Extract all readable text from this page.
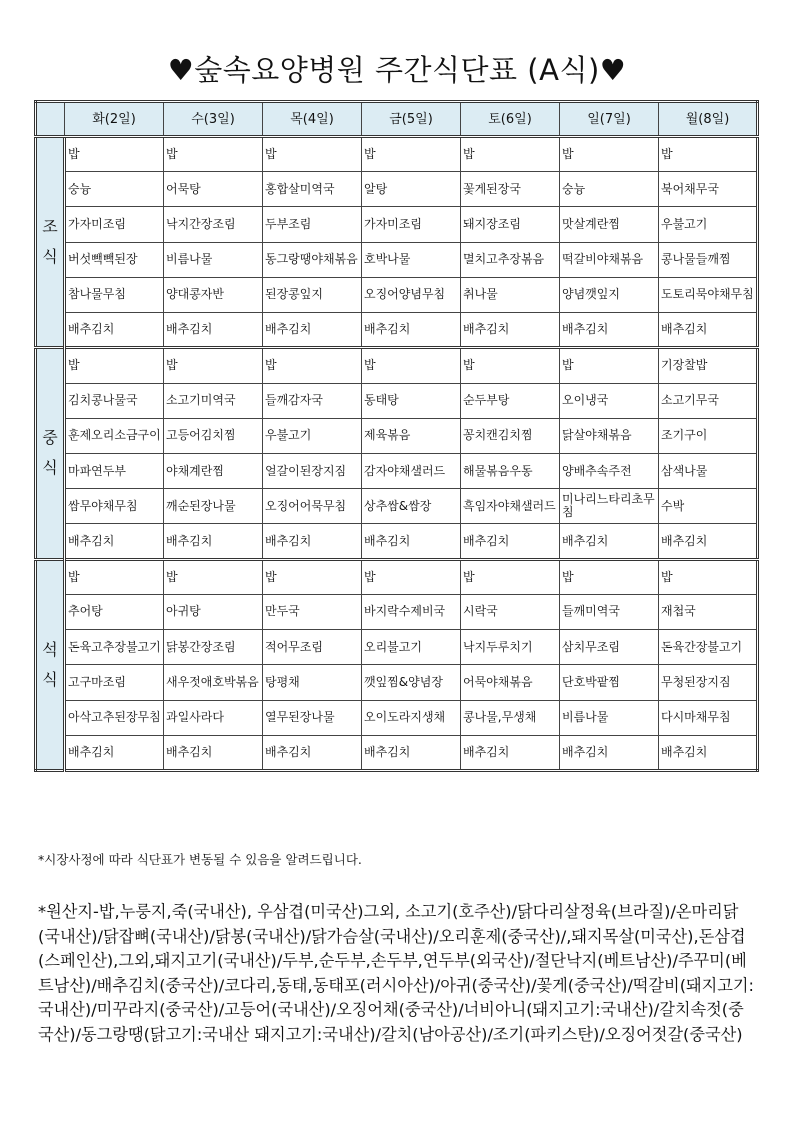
♥숲속요양병원 주간식단표 (A식)♥
	화(2일)	수(3일)	목(4일)	금(5일)	토(6일)	일(7일)	월(8일)
조
식	밥	밥	밥	밥	밥	밥	밥
	숭늉	어묵탕	홍합살미역국	알탕	꽃게된장국	숭늉	북어채무국
	가자미조림	낙지간장조림	두부조림	가자미조림	돼지장조림	맛살계란찜	우불고기
	버섯빽빽된장	비름나물	동그랑땡야채볶음	호박나물	멸치고추장볶음	떡갈비야채볶음	콩나물들깨찜
	참나물무침	양대콩자반	된장콩잎지	오징어양념무침	취나물	양념깻잎지	도토리묵야채무침
	배추김치	배추김치	배추김치	배추김치	배추김치	배추김치	배추김치
중
식	밥	밥	밥	밥	밥	밥	기장찰밥
	김치콩나물국	소고기미역국	들깨감자국	동태탕	순두부탕	오이냉국	소고기무국
	훈제오리소금구이	고등어김치찜	우불고기	제육볶음	꽁치캔김치찜	닭살야채볶음	조기구이
	마파연두부	야채계란찜	얼갈이된장지짐	감자야채샐러드	해물볶음우동	양배추속주전	삼색나물
	쌈무야채무침	깨순된장나물	오징어어묵무침	상추쌈&쌈장	흑임자야채샐러드	미나리느타리초무침	수박
	배추김치	배추김치	배추김치	배추김치	배추김치	배추김치	배추김치
석
식	밥	밥	밥	밥	밥	밥	밥
	추어탕	아귀탕	만두국	바지락수제비국	시락국	들깨미역국	재첩국
	돈육고추장불고기	닭봉간장조림	적어무조림	오리불고기	낙지두루치기	삼치무조림	돈육간장불고기
	고구마조림	새우젓애호박볶음	탕평채	깻잎찜&양념장	어묵야채볶음	단호박팥찜	무청된장지짐
	아삭고추된장무침	과일사라다	열무된장나물	오이도라지생채	콩나물,무생채	비름나물	다시마채무침
	배추김치	배추김치	배추김치	배추김치	배추김치	배추김치	배추김치
*시장사정에 따라 식단표가 변동될 수 있음을 알려드립니다.
*원산지-밥,누룽지,죽(국내산), 우삼겹(미국산)그외, 소고기(호주산)/닭다리살정육(브라질)/온마리닭(국내산)/닭잡뼈(국내산)/닭봉(국내산)/닭가슴살(국내산)/오리훈제(중국산)/,돼지목살(미국산),돈삼겹(스페인산),그외,돼지고기(국내산)/두부,순두부,손두부,연두부(외국산)/절단낙지(베트남산)/주꾸미(베트남산)/배추김치(중국산)/코다리,동태,동태포(러시아산)/아귀(중국산)/꽃게(중국산)/떡갈비(돼지고기:국내산)/미꾸라지(중국산)/고등어(국내산)/오징어채(중국산)/너비아니(돼지고기:국내산)/갈치속젓(중국산)/동그랑땡(닭고기:국내산 돼지고기:국내산)/갈치(남아공산)/조기(파키스탄)/오징어젓갈(중국산)
